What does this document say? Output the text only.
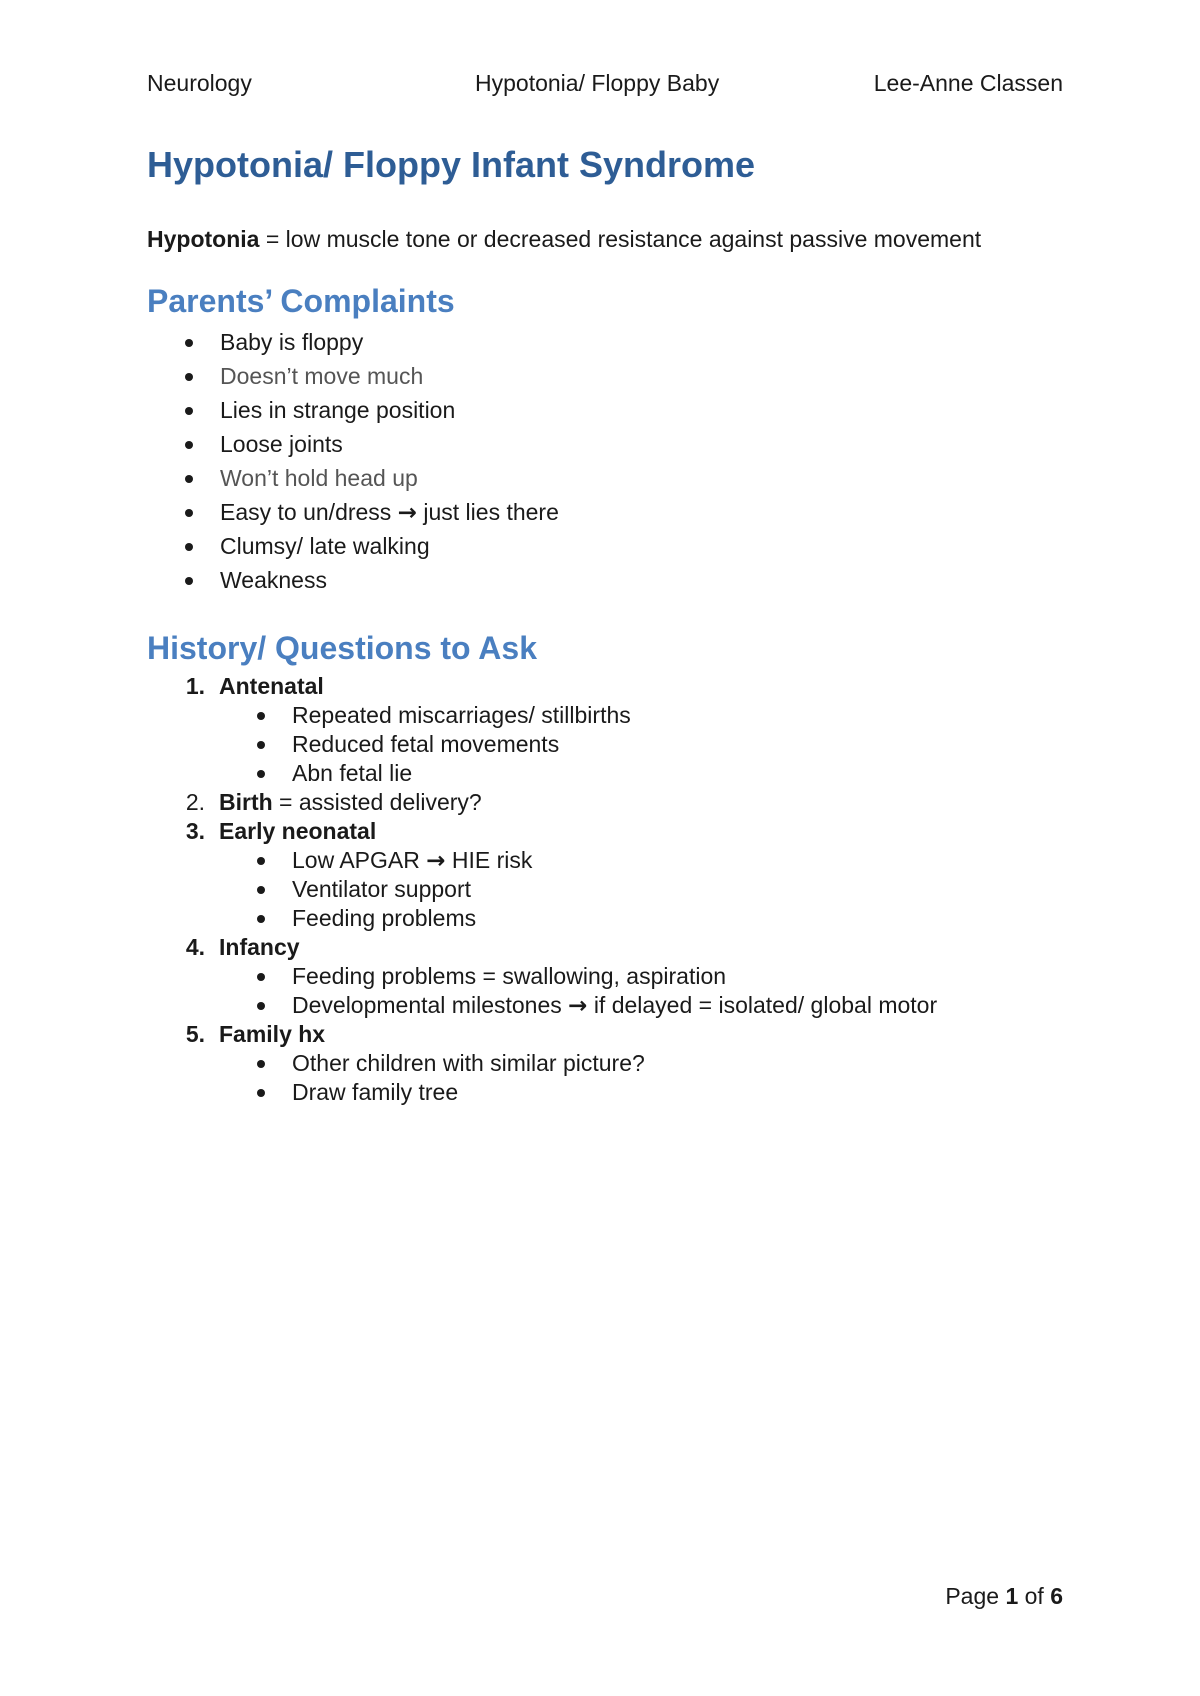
Neurology	Hypotonia/ Floppy Baby	Lee-Anne Classen
Hypotonia/ Floppy Infant Syndrome
Hypotonia = low muscle tone or decreased resistance against passive movement
Parents’ Complaints
Baby is floppy
Doesn’t move much
Lies in strange position
Loose joints
Won’t hold head up
Easy to un/dress → just lies there
Clumsy/ late walking
Weakness
History/ Questions to Ask
1. Antenatal
Repeated miscarriages/ stillbirths
Reduced fetal movements
Abn fetal lie
2. Birth = assisted delivery?
3. Early neonatal
Low APGAR → HIE risk
Ventilator support
Feeding problems
4. Infancy
Feeding problems = swallowing, aspiration
Developmental milestones → if delayed = isolated/ global motor
5. Family hx
Other children with similar picture?
Draw family tree
Page 1 of 6
